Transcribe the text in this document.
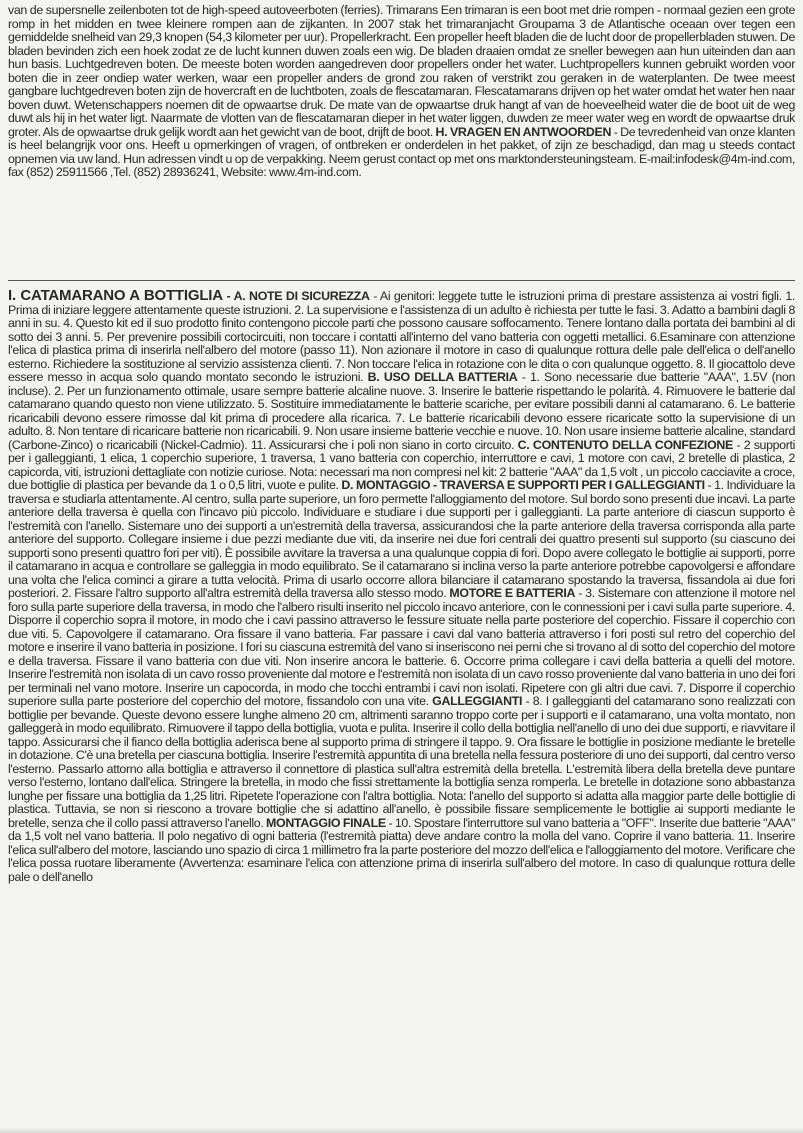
van de supersnelle zeilenboten tot de high-speed autoveerboten (ferries). Trimarans Een trimaran is een boot met drie rompen - normaal gezien een grote romp in het midden en twee kleinere rompen aan de zijkanten. In 2007 stak het trimaranjacht Groupama 3 de Atlantische oceaan over tegen een gemiddelde snelheid van 29,3 knopen (54,3 kilometer per uur). Propellerkracht. Een propeller heeft bladen die de lucht door de propellerbladen stuwen. De bladen bevinden zich een hoek zodat ze de lucht kunnen duwen zoals een wig. De bladen draaien omdat ze sneller bewegen aan hun uiteinden dan aan hun basis. Luchtgedreven boten. De meeste boten worden aangedreven door propellers onder het water. Luchtpropellers kunnen gebruikt worden voor boten die in zeer ondiep water werken, waar een propeller anders de grond zou raken of verstrikt zou geraken in de waterplanten. De twee meest gangbare luchtgedreven boten zijn de hovercraft en de luchtboten, zoals de flescatamaran. Flescatamarans drijven op het water omdat het water hen naar boven duwt. Wetenschappers noemen dit de opwaartse druk. De mate van de opwaartse druk hangt af van de hoeveelheid water die de boot uit de weg duwt als hij in het water ligt. Naarmate de vlotten van de flescatamaran dieper in het water liggen, duwden ze meer water weg en wordt de opwaartse druk groter. Als de opwaartse druk gelijk wordt aan het gewicht van de boot, drijft de boot. H. VRAGEN EN ANTWOORDEN - De tevredenheid van onze klanten is heel belangrijk voor ons. Heeft u opmerkingen of vragen, of ontbreken er onderdelen in het pakket, of zijn ze beschadigd, dan mag u steeds contact opnemen via uw land. Hun adressen vindt u op de verpakking. Neem gerust contact op met ons marktondersteuningsteam. E-mail:infodesk@4m-ind.com, fax (852) 25911566 ,Tel. (852) 28936241, Website: www.4m-ind.com.

I. CATAMARANO A BOTTIGLIA - A. NOTE DI SICUREZZA - Ai genitori: leggete tutte le istruzioni prima di prestare assistenza ai vostri figli. 1. Prima di iniziare leggere attentamente queste istruzioni. 2. La supervisione e l'assistenza di un adulto è richiesta per tutte le fasi. 3. Adatto a bambini dagli 8 anni in su. 4. Questo kit ed il suo prodotto finito contengono piccole parti che possono causare soffocamento. Tenere lontano dalla portata dei bambini al di sotto dei 3 anni. 5. Per prevenire possibili cortocircuiti, non toccare i contatti all'interno del vano batteria con oggetti metallici. 6.Esaminare con attenzione l'elica di plastica prima di inserirla nell'albero del motore (passo 11). Non azionare il motore in caso di qualunque rottura delle pale dell'elica o dell'anello esterno. Richiedere la sostituzione al servizio assistenza clienti. 7. Non toccare l'elica in rotazione con le dita o con qualunque oggetto. 8. Il giocattolo deve essere messo in acqua solo quando montato secondo le istruzioni. B. USO DELLA BATTERIA - 1. Sono necessarie due batterie "AAA", 1.5V (non incluse). 2. Per un funzionamento ottimale, usare sempre batterie alcaline nuove. 3. Inserire le batterie rispettando le polarità. 4. Rimuovere le batterie dal catamarano quando questo non viene utilizzato. 5. Sostituire immediatamente le batterie scariche, per evitare possibili danni al catamarano. 6. Le batterie ricaricabili devono essere rimosse dal kit prima di procedere alla ricarica. 7. Le batterie ricaricabili devono essere ricaricate sotto la supervisione di un adulto. 8. Non tentare di ricaricare batterie non ricaricabili. 9. Non usare insieme batterie vecchie e nuove. 10. Non usare insieme batterie alcaline, standard (Carbone-Zinco) o ricaricabili (Nickel-Cadmio). 11. Assicurarsi che i poli non siano in corto circuito. C. CONTENUTO DELLA CONFEZIONE - 2 supporti per i galleggianti, 1 elica, 1 coperchio superiore, 1 traversa, 1 vano batteria con coperchio, interruttore e cavi, 1 motore con cavi, 2 bretelle di plastica, 2 capicorda, viti, istruzioni dettagliate con notizie curiose. Nota: necessari ma non compresi nel kit: 2 batterie "AAA" da 1,5 volt , un piccolo cacciavite a croce, due bottiglie di plastica per bevande da 1 o 0,5 litri, vuote e pulite. D. MONTAGGIO - TRAVERSA E SUPPORTI PER I GALLEGGIANTI - 1. Individuare la traversa e studiarla attentamente. Al centro, sulla parte superiore, un foro permette l'alloggiamento del motore. Sul bordo sono presenti due incavi. La parte anteriore della traversa è quella con l'incavo più piccolo. Individuare e studiare i due supporti per i galleggianti. La parte anteriore di ciascun supporto è l'estremità con l'anello. Sistemare uno dei supporti a un'estremità della traversa, assicurandosi che la parte anteriore della traversa corrisponda alla parte anteriore del supporto. Collegare insieme i due pezzi mediante due viti, da inserire nei due fori centrali dei quattro presenti sul supporto (su ciascuno dei supporti sono presenti quattro fori per viti). È possibile avvitare la traversa a una qualunque coppia di fori. Dopo avere collegato le bottiglie ai supporti, porre il catamarano in acqua e controllare se galleggia in modo equilibrato. Se il catamarano si inclina verso la parte anteriore potrebbe capovolgersi e affondare una volta che l'elica cominci a girare a tutta velocità. Prima di usarlo occorre allora bilanciare il catamarano spostando la traversa, fissandola ai due fori posteriori. 2. Fissare l'altro supporto all'altra estremità della traversa allo stesso modo. MOTORE E BATTERIA - 3. Sistemare con attenzione il motore nel foro sulla parte superiore della traversa, in modo che l'albero risulti inserito nel piccolo incavo anteriore, con le connessioni per i cavi sulla parte superiore. 4. Disporre il coperchio sopra il motore, in modo che i cavi passino attraverso le fessure situate nella parte posteriore del coperchio. Fissare il coperchio con due viti. 5. Capovolgere il catamarano. Ora fissare il vano batteria. Far passare i cavi dal vano batteria attraverso i fori posti sul retro del coperchio del motore e inserire il vano batteria in posizione. I fori su ciascuna estremità del vano si inseriscono nei perni che si trovano al di sotto del coperchio del motore e della traversa. Fissare il vano batteria con due viti. Non inserire ancora le batterie. 6. Occorre prima collegare i cavi della batteria a quelli del motore. Inserire l'estremità non isolata di un cavo rosso proveniente dal motore e l'estremità non isolata di un cavo rosso proveniente dal vano batteria in uno dei fori per terminali nel vano motore. Inserire un capocorda, in modo che tocchi entrambi i cavi non isolati. Ripetere con gli altri due cavi. 7. Disporre il coperchio superiore sulla parte posteriore del coperchio del motore, fissandolo con una vite. GALLEGGIANTI - 8. I galleggianti del catamarano sono realizzati con bottiglie per bevande. Queste devono essere lunghe almeno 20 cm, altrimenti saranno troppo corte per i supporti e il catamarano, una volta montato, non galleggerà in modo equilibrato. Rimuovere il tappo della bottiglia, vuota e pulita. Inserire il collo della bottiglia nell'anello di uno dei due supporti, e riavvitare il tappo. Assicurarsi che il fianco della bottiglia aderisca bene al supporto prima di stringere il tappo. 9. Ora fissare le bottiglie in posizione mediante le bretelle in dotazione. C'è una bretella per ciascuna bottiglia. Inserire l'estremità appuntita di una bretella nella fessura posteriore di uno dei supporti, dal centro verso l'esterno. Passarlo attorno alla bottiglia e attraverso il connettore di plastica sull'altra estremità della bretella. L'estremità libera della bretella deve puntare verso l'esterno, lontano dall'elica. Stringere la bretella, in modo che fissi strettamente la bottiglia senza romperla. Le bretelle in dotazione sono abbastanza lunghe per fissare una bottiglia da 1,25 litri. Ripetete l'operazione con l'altra bottiglia. Nota: l'anello del supporto si adatta alla maggior parte delle bottiglie di plastica. Tuttavia, se non si riescono a trovare bottiglie che si adattino all'anello, è possibile fissare semplicemente le bottiglie ai supporti mediante le bretelle, senza che il collo passi attraverso l'anello. MONTAGGIO FINALE - 10. Spostare l'interruttore sul vano batteria a "OFF". Inserite due batterie "AAA" da 1,5 volt nel vano batteria. Il polo negativo di ogni batteria (l'estremità piatta) deve andare contro la molla del vano. Coprire il vano batteria. 11. Inserire l'elica sull'albero del motore, lasciando uno spazio di circa 1 millimetro fra la parte posteriore del mozzo dell'elica e l'alloggiamento del motore. Verificare che l'elica possa ruotare liberamente (Avvertenza: esaminare l'elica con attenzione prima di inserirla sull'albero del motore. In caso di qualunque rottura delle pale o dell'anello
